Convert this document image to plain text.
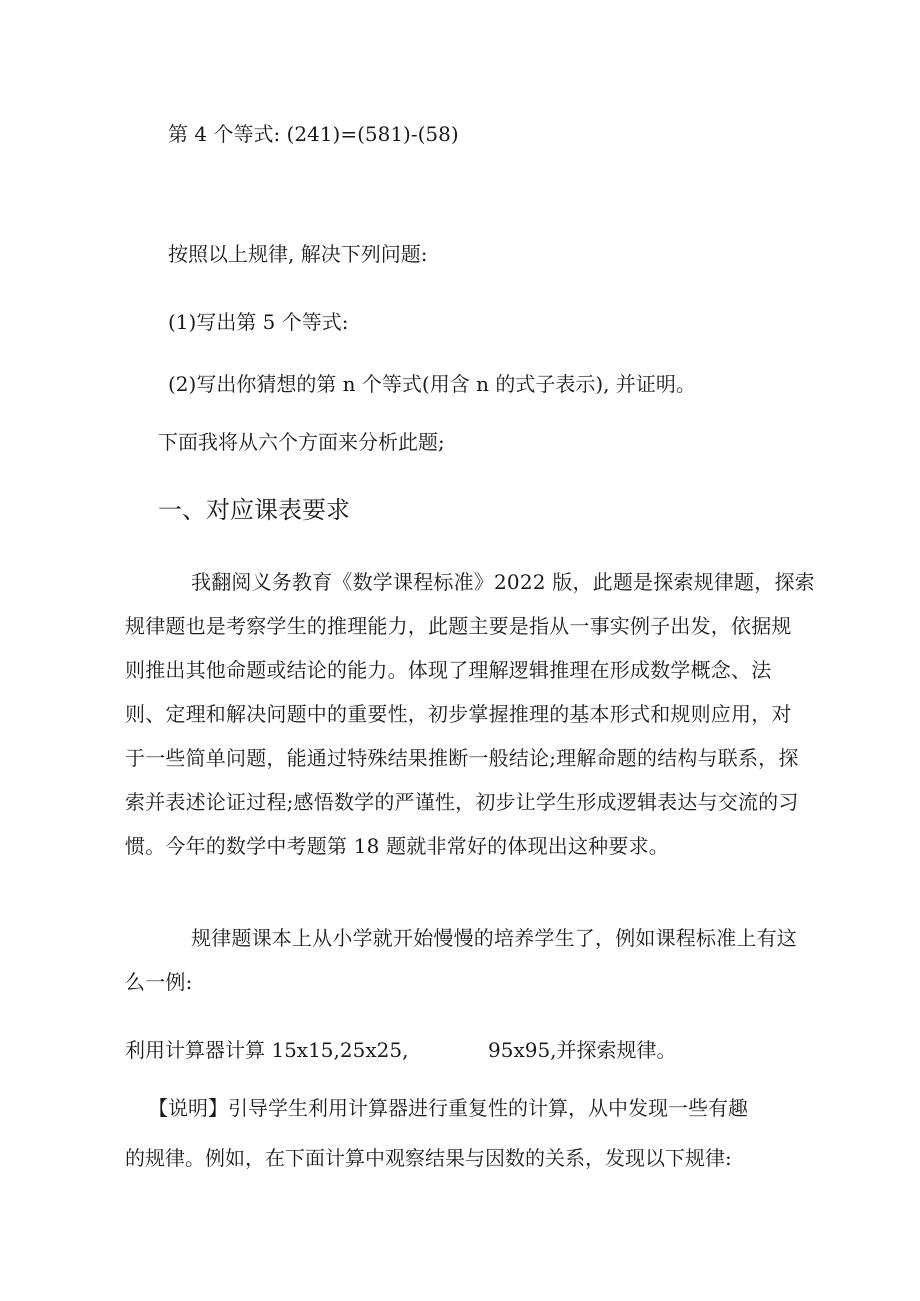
第 4 个等式: (241)=(581)-(58)
按照以上规律, 解决下列问题:
(1)写出第 5 个等式:
(2)写出你猜想的第 n 个等式(用含 n 的式子表示), 并证明。
下面我将从六个方面来分析此题;
一、对应课表要求
我翻阅义务教育《数学课程标准》2022 版，此题是探索规律题，探索
规律题也是考察学生的推理能力，此题主要是指从一事实例子出发，依据规
则推出其他命题或结论的能力。体现了理解逻辑推理在形成数学概念、法
则、定理和解决问题中的重要性，初步掌握推理的基本形式和规则应用，对
于一些简单问题，能通过特殊结果推断一般结论;理解命题的结构与联系，探
索并表述论证过程;感悟数学的严谨性，初步让学生形成逻辑表达与交流的习
惯。今年的数学中考题第 18 题就非常好的体现出这种要求。
规律题课本上从小学就开始慢慢的培养学生了，例如课程标准上有这
么一例:
利用计算器计算 15x15,25x25,	95x95,并探索规律。
【说明】引导学生利用计算器进行重复性的计算，从中发现一些有趣
的规律。例如，在下面计算中观察结果与因数的关系，发现以下规律:
